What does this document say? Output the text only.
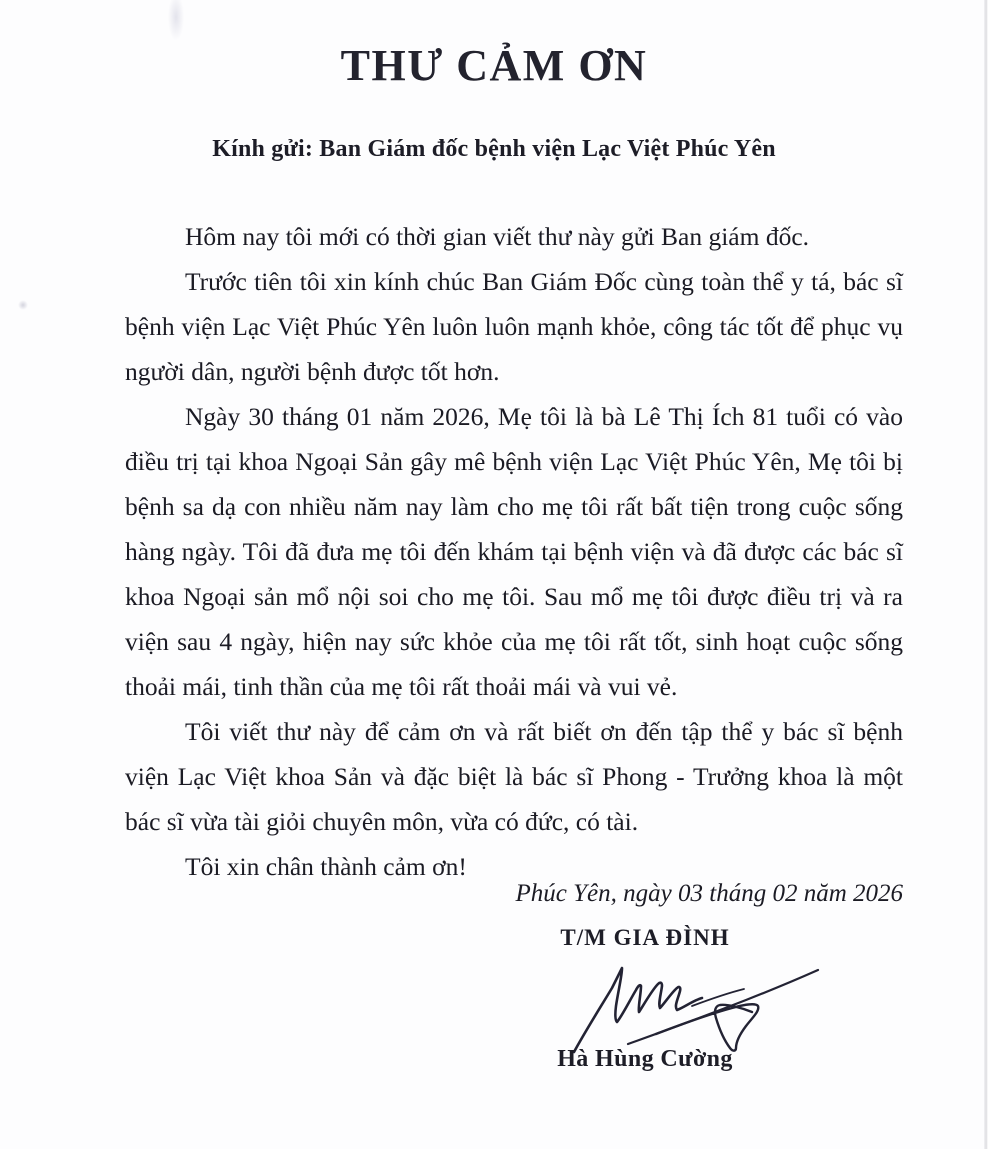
THƯ CẢM ƠN
Kính gửi: Ban Giám đốc bệnh viện Lạc Việt Phúc Yên

Hôm nay tôi mới có thời gian viết thư này gửi Ban giám đốc.

Trước tiên tôi xin kính chúc Ban Giám Đốc cùng toàn thể y tá, bác sĩ bệnh viện Lạc Việt Phúc Yên luôn luôn mạnh khỏe, công tác tốt để phục vụ người dân, người bệnh được tốt hơn.

Ngày 30 tháng 01 năm 2026, Mẹ tôi là bà Lê Thị Ích 81 tuổi có vào điều trị tại khoa Ngoại Sản gây mê bệnh viện Lạc Việt Phúc Yên, Mẹ tôi bị bệnh sa dạ con nhiều năm nay làm cho mẹ tôi rất bất tiện trong cuộc sống hàng ngày. Tôi đã đưa mẹ tôi đến khám tại bệnh viện và đã được các bác sĩ khoa Ngoại sản mổ nội soi cho mẹ tôi. Sau mổ mẹ tôi được điều trị và ra viện sau 4 ngày, hiện nay sức khỏe của mẹ tôi rất tốt, sinh hoạt cuộc sống thoải mái, tinh thần của mẹ tôi rất thoải mái và vui vẻ.

Tôi viết thư này để cảm ơn và rất biết ơn đến tập thể y bác sĩ bệnh viện Lạc Việt khoa Sản và đặc biệt là bác sĩ Phong - Trưởng khoa là một bác sĩ vừa tài giỏi chuyên môn, vừa có đức, có tài.

Tôi xin chân thành cảm ơn!

Phúc Yên, ngày 03 tháng 02 năm 2026
T/M GIA ĐÌNH
Hà Hùng Cường
